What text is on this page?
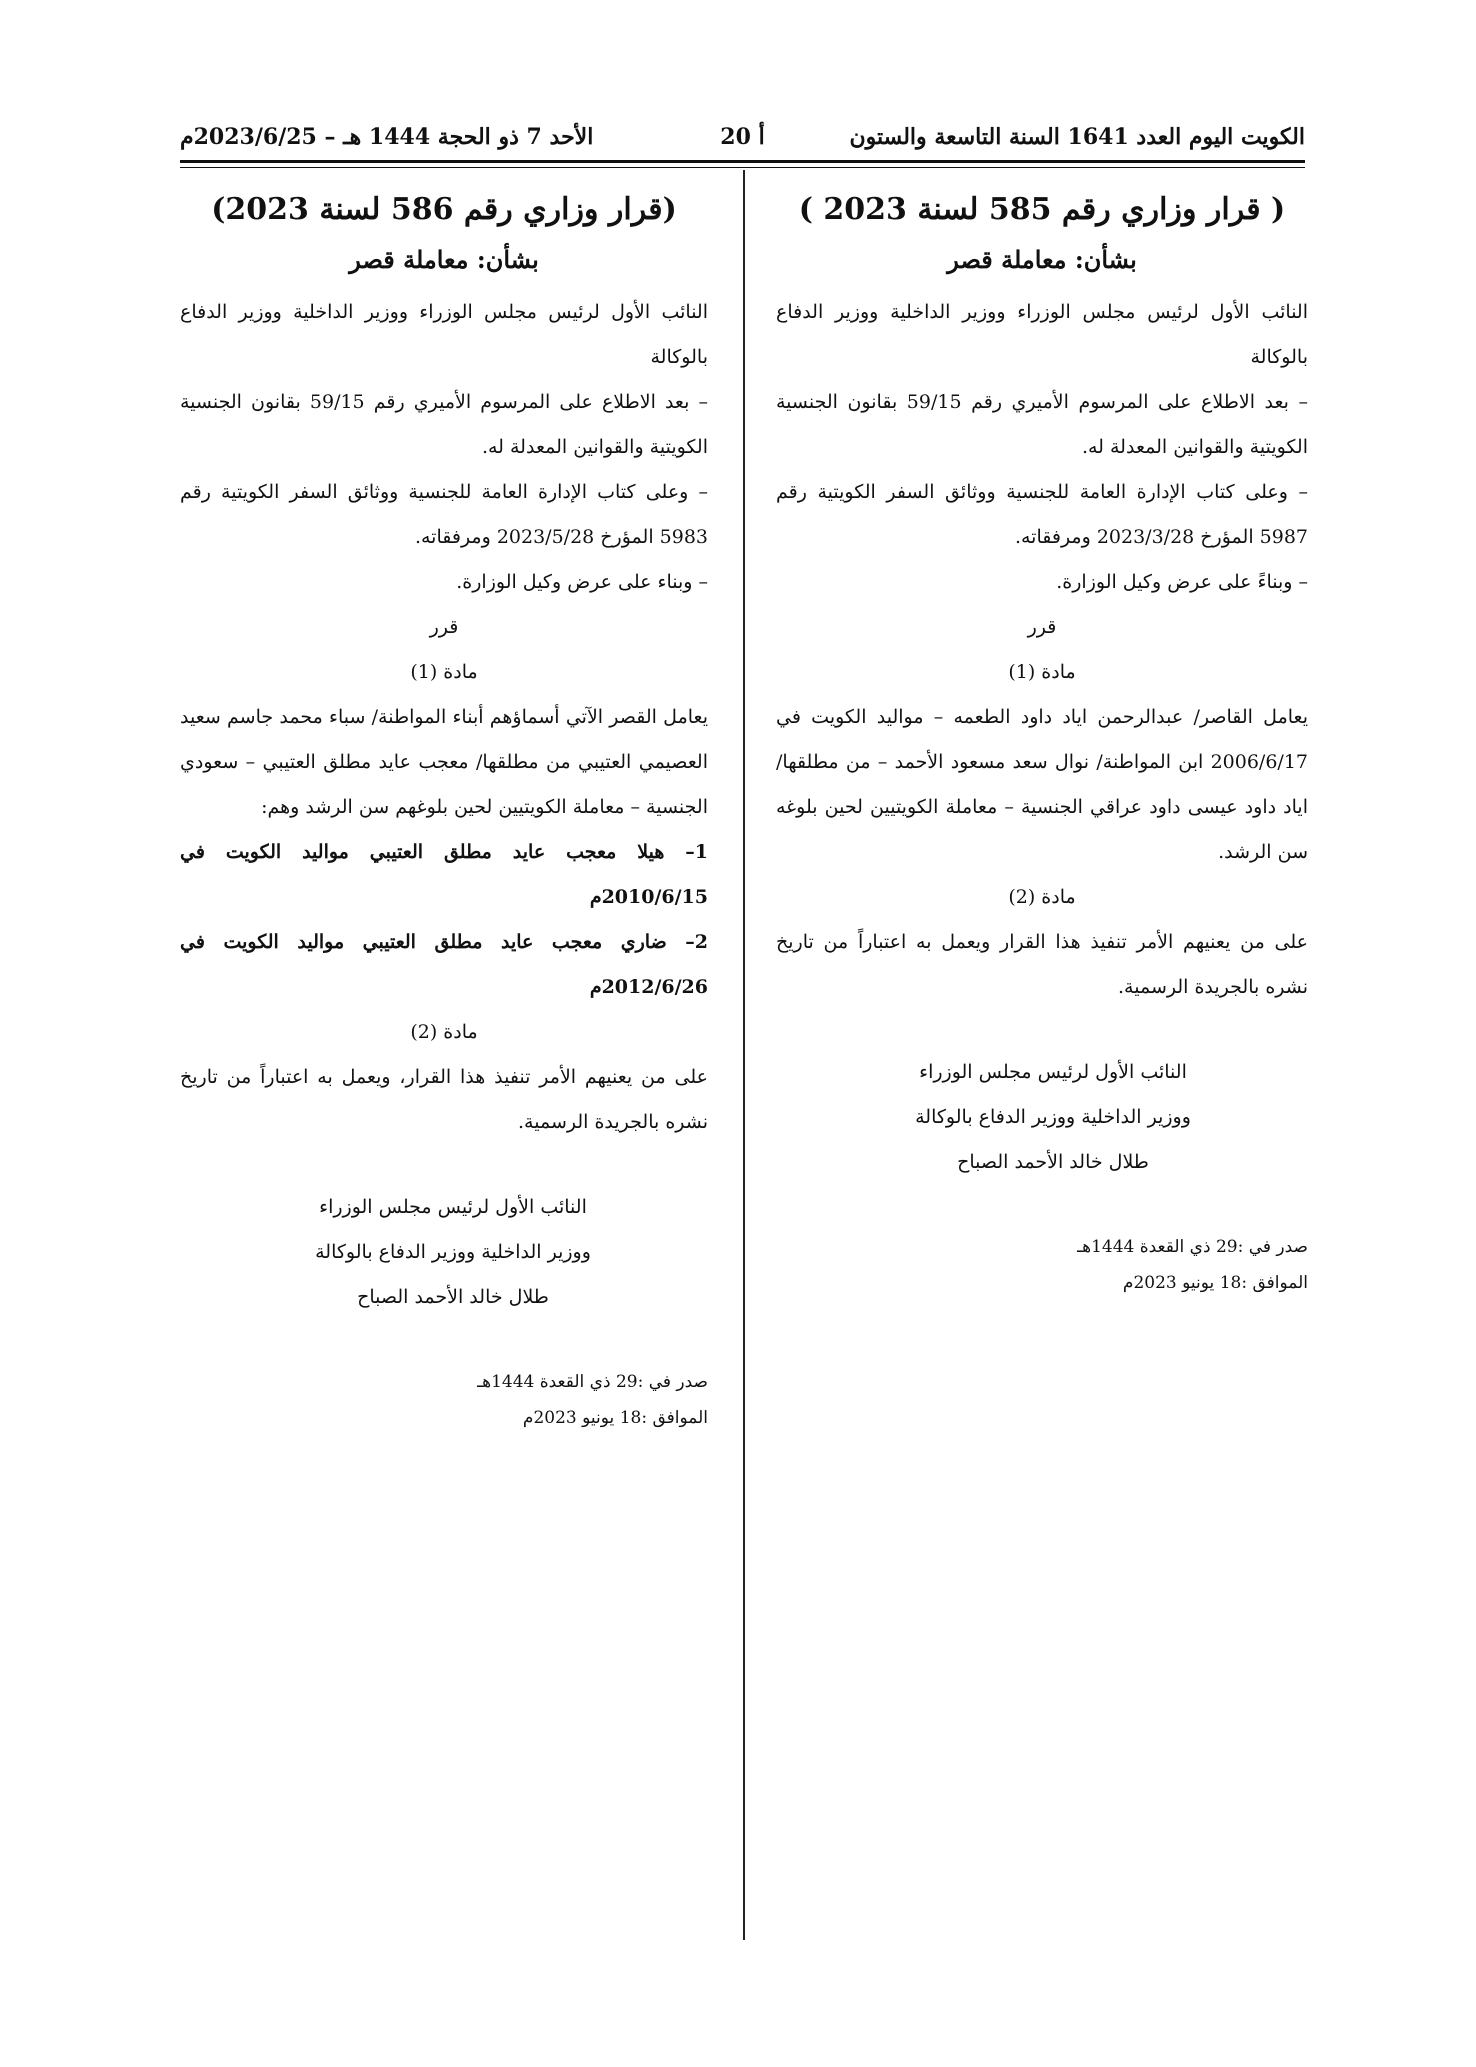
الكويت اليوم العدد 1641 السنة التاسعة والستون
أ 20
الأحد 7 ذو الحجة 1444 هـ – 2023/6/25م
( قرار وزاري رقم 585 لسنة 2023 )
بشأن: معاملة قصر

النائب الأول لرئيس مجلس الوزراء ووزير الداخلية ووزير الدفاع بالوكالة

– بعد الاطلاع على المرسوم الأميري رقم 59/15 بقانون الجنسية الكويتية والقوانين المعدلة له.

– وعلى كتاب الإدارة العامة للجنسية ووثائق السفر الكويتية رقم 5987 المؤرخ 2023/3/28 ومرفقاته.

– وبناءً على عرض وكيل الوزارة.

قرر

مادة (1)

يعامل القاصر/ عبدالرحمن اياد داود الطعمه – مواليد الكويت في 2006/6/17 ابن المواطنة/ نوال سعد مسعود الأحمد – من مطلقها/ اياد داود عيسى داود عراقي الجنسية – معاملة الكويتيين لحين بلوغه سن الرشد.

مادة (2)

على من يعنيهم الأمر تنفيذ هذا القرار ويعمل به اعتباراً من تاريخ نشره بالجريدة الرسمية.

النائب الأول لرئيس مجلس الوزراء
ووزير الداخلية ووزير الدفاع بالوكالة
طلال خالد الأحمد الصباح
صدر في :29 ذي القعدة 1444هـ
الموافق :18 يونيو 2023م
(قرار وزاري رقم 586 لسنة 2023)
بشأن: معاملة قصر

النائب الأول لرئيس مجلس الوزراء ووزير الداخلية ووزير الدفاع بالوكالة

– بعد الاطلاع على المرسوم الأميري رقم 59/15 بقانون الجنسية الكويتية والقوانين المعدلة له.

– وعلى كتاب الإدارة العامة للجنسية ووثائق السفر الكويتية رقم 5983 المؤرخ 2023/5/28 ومرفقاته.

– وبناء على عرض وكيل الوزارة.

قرر

مادة (1)

يعامل القصر الآتي أسماؤهم أبناء المواطنة/ سباء محمد جاسم سعيد العصيمي العتيبي من مطلقها/ معجب عايد مطلق العتيبي – سعودي الجنسية – معاملة الكويتيين لحين بلوغهم سن الرشد وهم:

1– هيلا معجب عايد مطلق العتيبي مواليد الكويت في 2010/6/15م

2– ضاري معجب عايد مطلق العتيبي مواليد الكويت في 2012/6/26م

مادة (2)

على من يعنيهم الأمر تنفيذ هذا القرار، ويعمل به اعتباراً من تاريخ نشره بالجريدة الرسمية.

النائب الأول لرئيس مجلس الوزراء
ووزير الداخلية ووزير الدفاع بالوكالة
طلال خالد الأحمد الصباح
صدر في :29 ذي القعدة 1444هـ
الموافق :18 يونيو 2023م
